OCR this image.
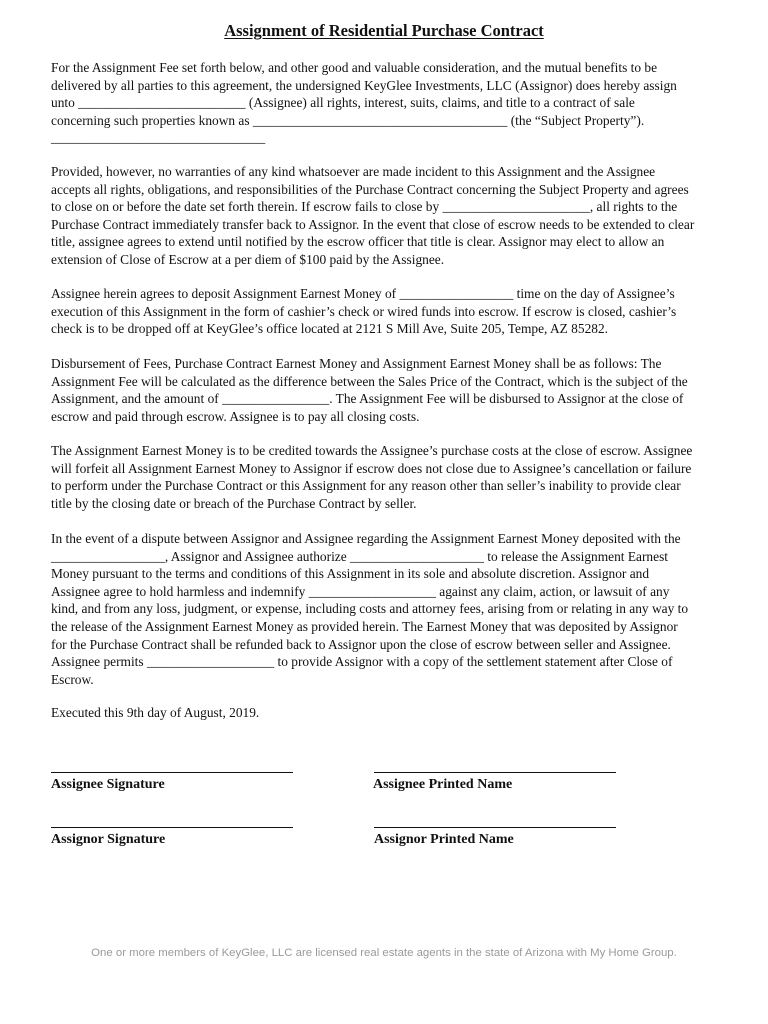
Assignment of Residential Purchase Contract

For the Assignment Fee set forth below, and other good and valuable consideration, and the mutual benefits to be
delivered by all parties to this agreement, the undersigned KeyGlee Investments, LLC (Assignor) does hereby assign
unto _________________________ (Assignee) all rights, interest, suits, claims, and title to a contract of sale
concerning such properties known as ______________________________________ (the “Subject Property”).
________________________________

Provided, however, no warranties of any kind whatsoever are made incident to this Assignment and the Assignee
accepts all rights, obligations, and responsibilities of the Purchase Contract concerning the Subject Property and agrees
to close on or before the date set forth therein. If escrow fails to close by ______________________, all rights to the
Purchase Contract immediately transfer back to Assignor. In the event that close of escrow needs to be extended to clear
title, assignee agrees to extend until notified by the escrow officer that title is clear. Assignor may elect to allow an
extension of Close of Escrow at a per diem of $100 paid by the Assignee.

Assignee herein agrees to deposit Assignment Earnest Money of _________________ time on the day of Assignee’s
execution of this Assignment in the form of cashier’s check or wired funds into escrow. If escrow is closed, cashier’s
check is to be dropped off at KeyGlee’s office located at 2121 S Mill Ave, Suite 205, Tempe, AZ 85282.

Disbursement of Fees, Purchase Contract Earnest Money and Assignment Earnest Money shall be as follows: The
Assignment Fee will be calculated as the difference between the Sales Price of the Contract, which is the subject of the
Assignment, and the amount of ________________. The Assignment Fee will be disbursed to Assignor at the close of
escrow and paid through escrow. Assignee is to pay all closing costs.

The Assignment Earnest Money is to be credited towards the Assignee’s purchase costs at the close of escrow. Assignee
will forfeit all Assignment Earnest Money to Assignor if escrow does not close due to Assignee’s cancellation or failure
to perform under the Purchase Contract or this Assignment for any reason other than seller’s inability to provide clear
title by the closing date or breach of the Purchase Contract by seller.

In the event of a dispute between Assignor and Assignee regarding the Assignment Earnest Money deposited with the
_________________, Assignor and Assignee authorize ____________________ to release the Assignment Earnest
Money pursuant to the terms and conditions of this Assignment in its sole and absolute discretion. Assignor and
Assignee agree to hold harmless and indemnify ___________________ against any claim, action, or lawsuit of any
kind, and from any loss, judgment, or expense, including costs and attorney fees, arising from or relating in any way to
the release of the Assignment Earnest Money as provided herein. The Earnest Money that was deposited by Assignor
for the Purchase Contract shall be refunded back to Assignor upon the close of escrow between seller and Assignee.
Assignee permits ___________________ to provide Assignor with a copy of the settlement statement after Close of
Escrow.

Executed this 9th day of August, 2019.

Assignee Signature	Assignee Printed Name
Assignor Signature	Assignor Printed Name

One or more members of KeyGlee, LLC are licensed real estate agents in the state of Arizona with My Home Group.
